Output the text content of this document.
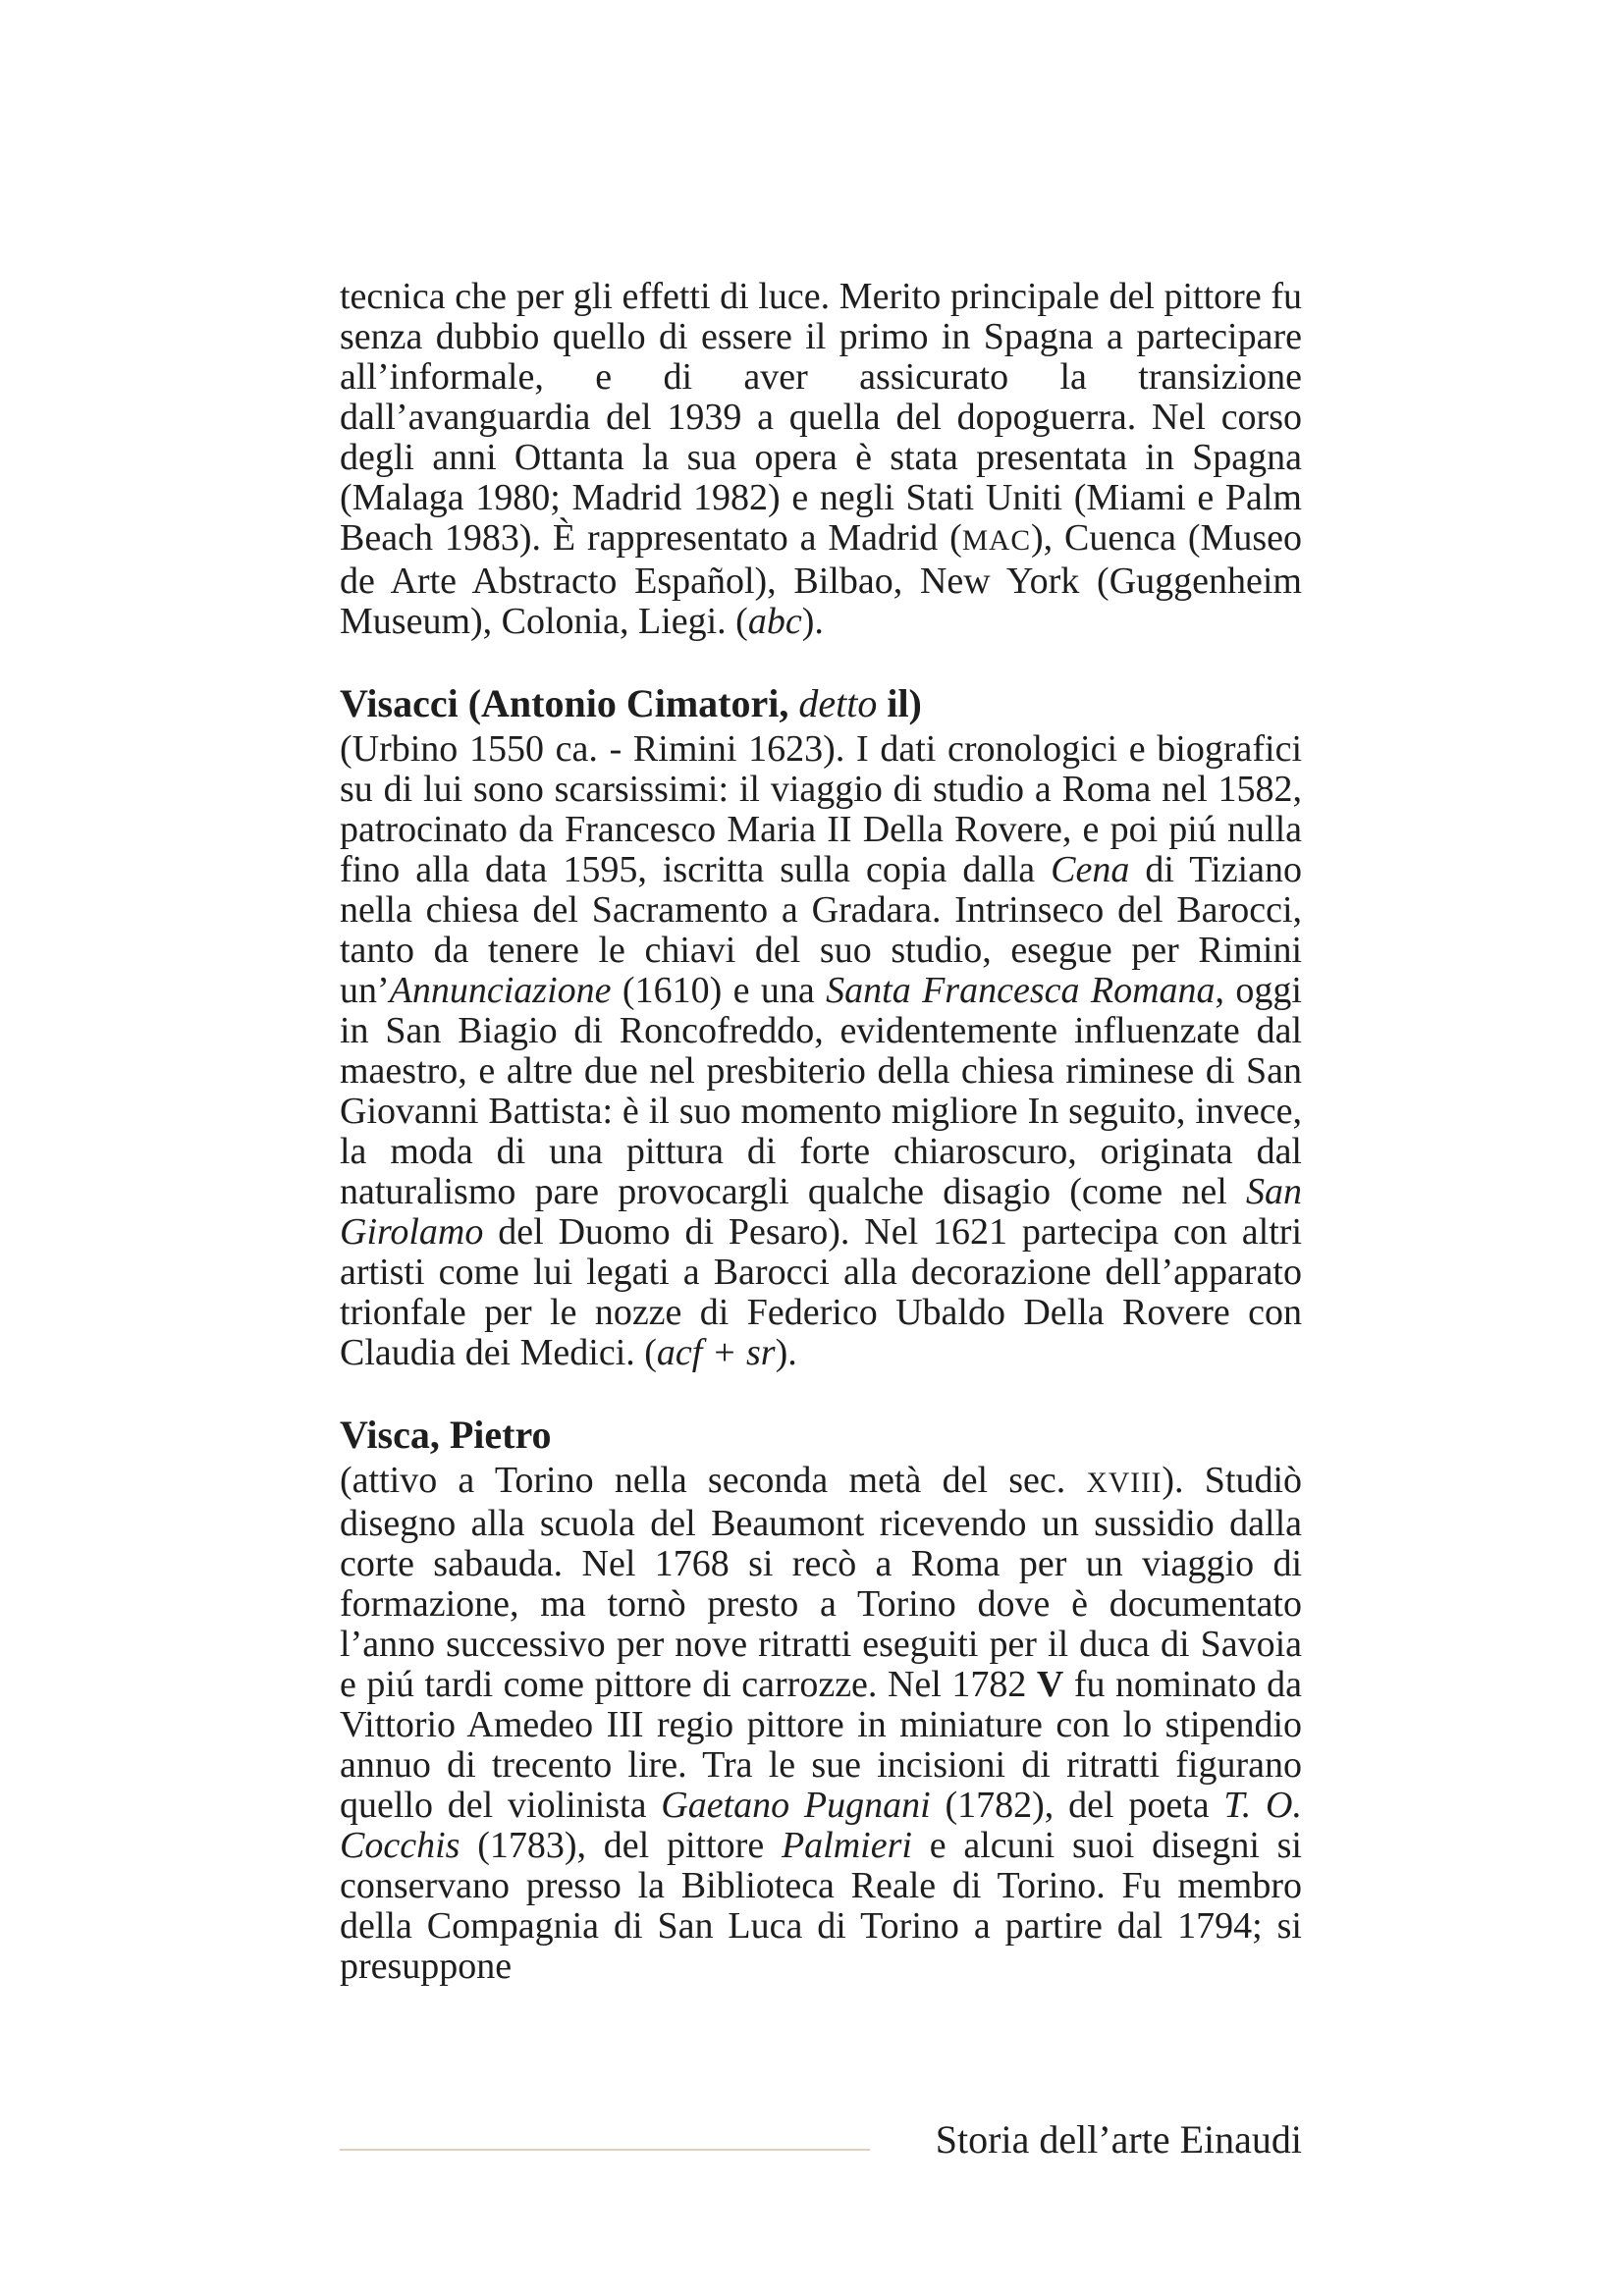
tecnica che per gli effetti di luce. Merito principale del pittore fu senza dubbio quello di essere il primo in Spagna a partecipare all’informale, e di aver assicurato la transizione dall’avanguardia del 1939 a quella del dopoguerra. Nel corso degli anni Ottanta la sua opera è stata presentata in Spagna (Malaga 1980; Madrid 1982) e negli Stati Uniti (Miami e Palm Beach 1983). È rappresentato a Madrid (MAC), Cuenca (Museo de Arte Abstracto Español), Bilbao, New York (Guggenheim Museum), Colonia, Liegi. (abc).

Visacci (Antonio Cimatori, detto il)

(Urbino 1550 ca. - Rimini 1623). I dati cronologici e biografici su di lui sono scarsissimi: il viaggio di studio a Roma nel 1582, patrocinato da Francesco Maria II Della Rovere, e poi piú nulla fino alla data 1595, iscritta sulla copia dalla Cena di Tiziano nella chiesa del Sacramento a Gradara. Intrinseco del Barocci, tanto da tenere le chiavi del suo studio, esegue per Rimini un’Annunciazione (1610) e una Santa Francesca Romana, oggi in San Biagio di Roncofreddo, evidentemente influenzate dal maestro, e altre due nel presbiterio della chiesa riminese di San Giovanni Battista: è il suo momento migliore In seguito, invece, la moda di una pittura di forte chiaroscuro, originata dal naturalismo pare provocargli qualche disagio (come nel San Girolamo del Duomo di Pesaro). Nel 1621 partecipa con altri artisti come lui legati a Barocci alla decorazione dell’apparato trionfale per le nozze di Federico Ubaldo Della Rovere con Claudia dei Medici. (acf + sr).

Visca, Pietro

(attivo a Torino nella seconda metà del sec. XVIII). Studiò disegno alla scuola del Beaumont ricevendo un sussidio dalla corte sabauda. Nel 1768 si recò a Roma per un viaggio di formazione, ma tornò presto a Torino dove è documentato l’anno successivo per nove ritratti eseguiti per il duca di Savoia e piú tardi come pittore di carrozze. Nel 1782 V fu nominato da Vittorio Amedeo III regio pittore in miniature con lo stipendio annuo di trecento lire. Tra le sue incisioni di ritratti figurano quello del violinista Gaetano Pugnani (1782), del poeta T. O. Cocchis (1783), del pittore Palmieri e alcuni suoi disegni si conservano presso la Biblioteca Reale di Torino. Fu membro della Compagnia di San Luca di Torino a partire dal 1794; si presuppone

Storia dell’arte Einaudi
